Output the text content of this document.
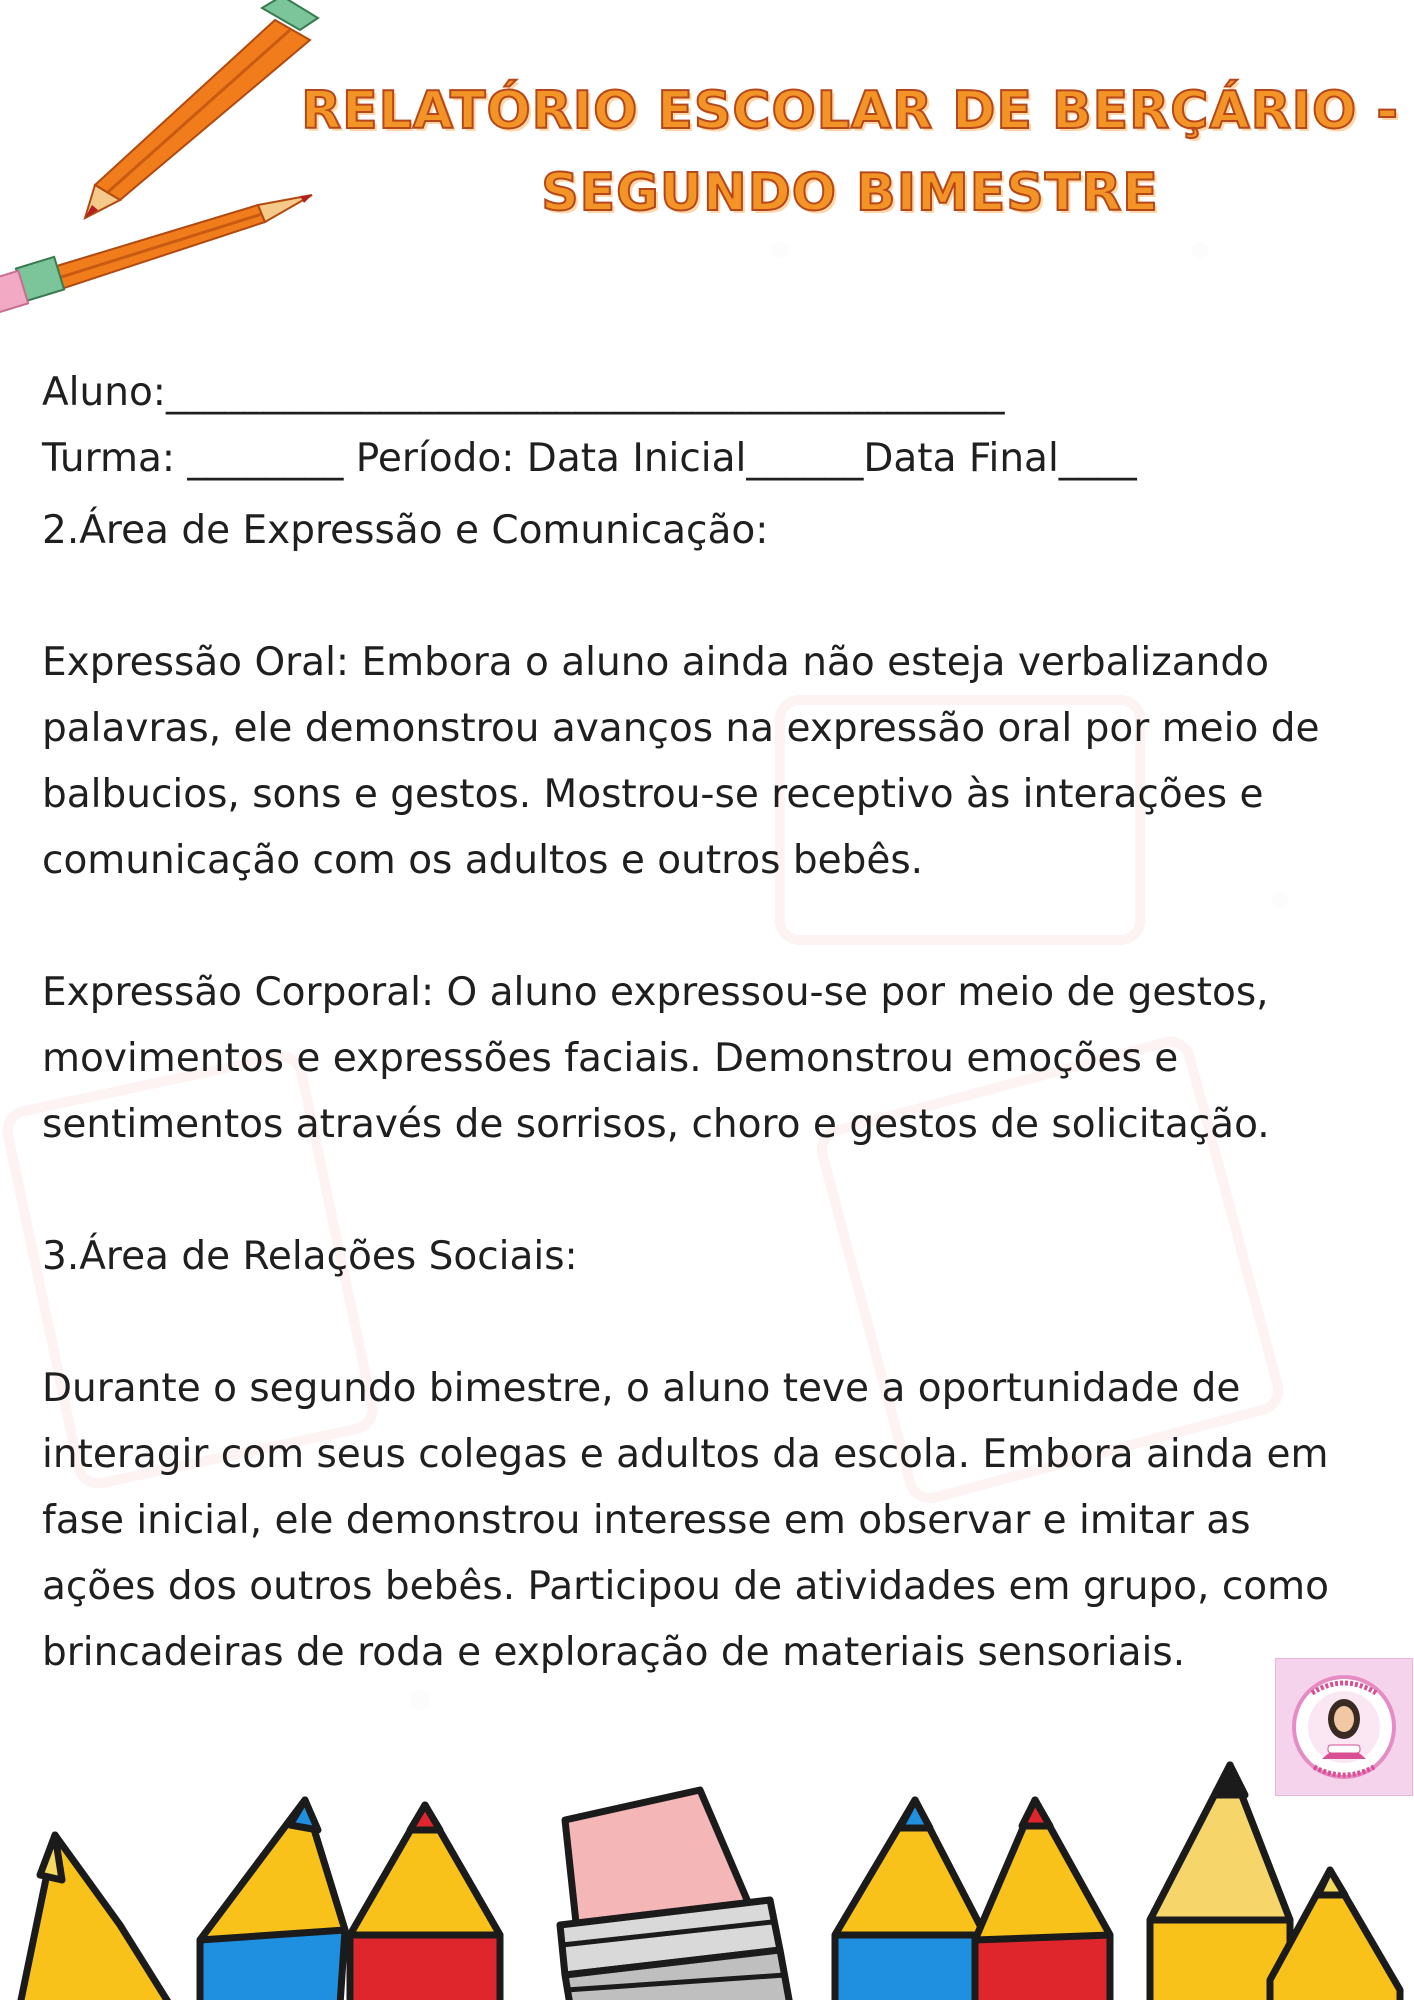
RELATÓRIO ESCOLAR DE BERÇÁRIO -
SEGUNDO BIMESTRE

Aluno:___________________________________________

Turma: ________ Período: Data Inicial______Data Final____

2.Área de Expressão e Comunicação:

Expressão Oral: Embora o aluno ainda não esteja verbalizando

palavras, ele demonstrou avanços na expressão oral por meio de

balbucios, sons e gestos. Mostrou-se receptivo às interações e

comunicação com os adultos e outros bebês.

Expressão Corporal: O aluno expressou-se por meio de gestos,

movimentos e expressões faciais. Demonstrou emoções e

sentimentos através de sorrisos, choro e gestos de solicitação.

3.Área de Relações Sociais:

Durante o segundo bimestre, o aluno teve a oportunidade de

interagir com seus colegas e adultos da escola. Embora ainda em

fase inicial, ele demonstrou interesse em observar e imitar as

ações dos outros bebês. Participou de atividades em grupo, como

brincadeiras de roda e exploração de materiais sensoriais.
